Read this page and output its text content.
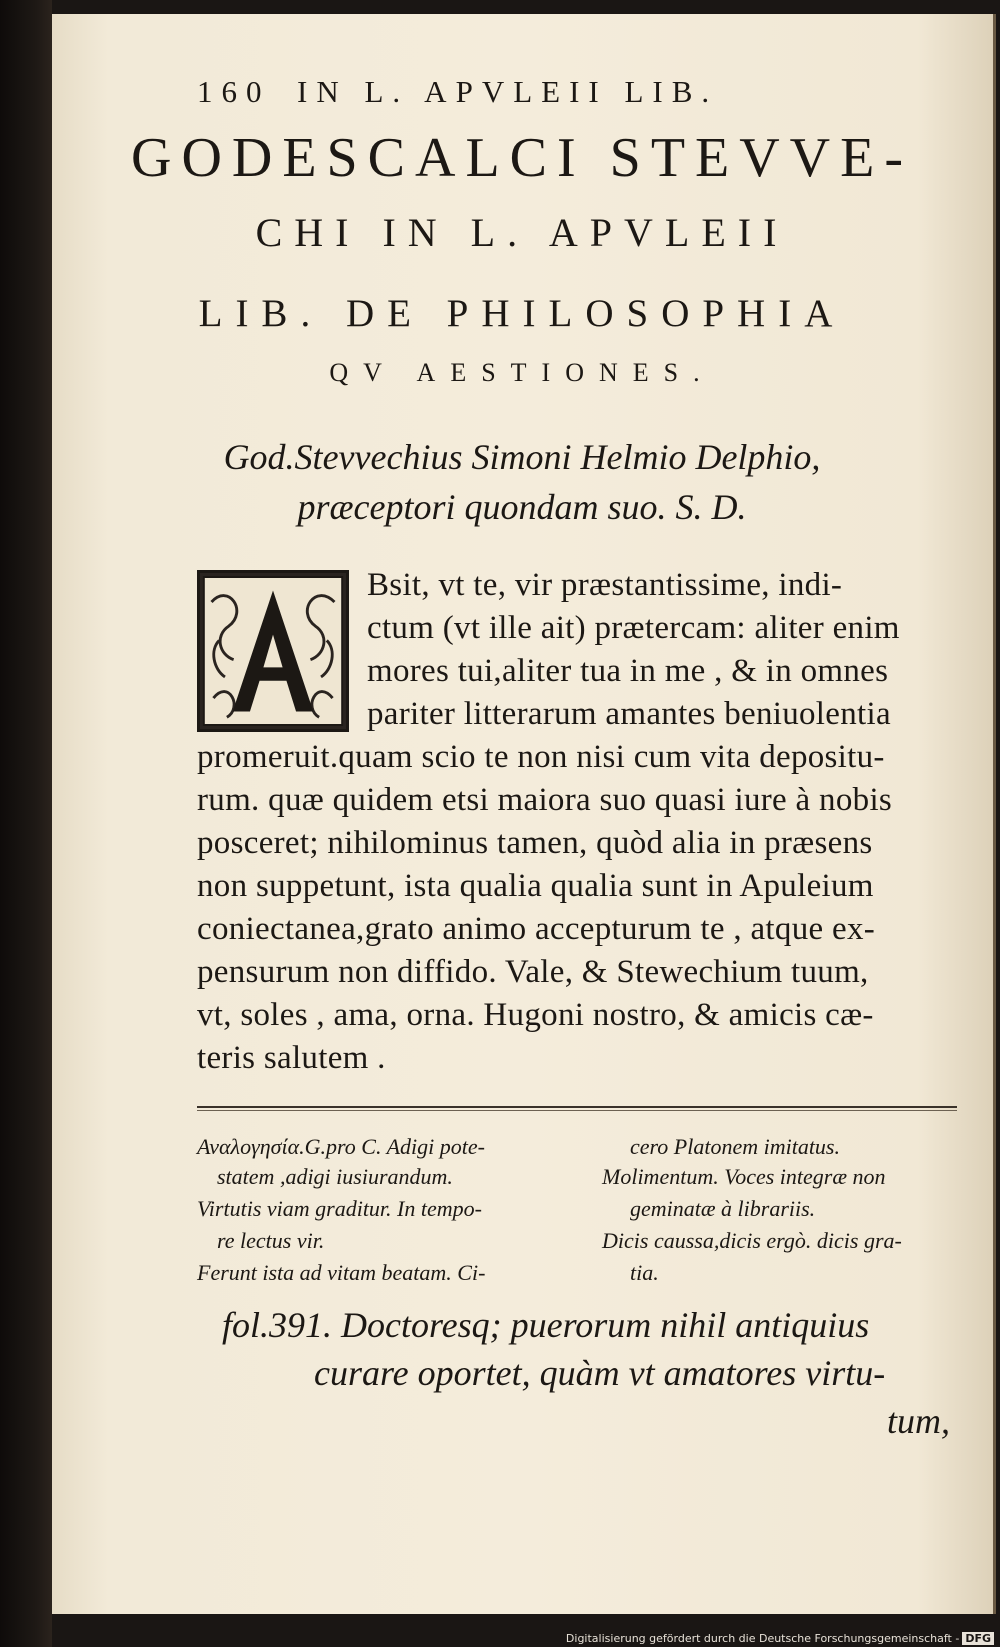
160 IN L. APVLEII LIB.

GODESCALCI STEVVE-

CHI IN L. APVLEII

LIB. DE PHILOSOPHIA

QV AESTIONES.

God.Stevvechius Simoni Helmio Delphio,

præceptori quondam suo. S. D.

Bsit, vt te, vir præstantissime, indi-

ctum (vt ille ait) prætercam: aliter enim

mores tui,aliter tua in me , & in omnes

pariter litterarum amantes beniuolentia

promeruit.quam scio te non nisi cum vita depositu-

rum. quæ quidem etsi maiora suo quasi iure à nobis

posceret; nihilominus tamen, quòd alia in præsens

non suppetunt, ista qualia qualia sunt in Apuleium

coniectanea,grato animo accepturum te , atque ex-

pensurum non diffido. Vale, & Stewechium tuum,

vt, soles , ama, orna. Hugoni nostro, & amicis cæ-

teris salutem .

Αναλογησία.G.pro C. Adigi pote-

statem ,adigi iusiurandum.

Virtutis viam graditur. In tempo-

re lectus vir.

Ferunt ista ad vitam beatam. Ci-

cero Platonem imitatus.

Molimentum. Voces integræ non

geminatæ à librariis.

Dicis caussa,dicis ergò. dicis gra-

tia.

fol.391. Doctoresq; puerorum nihil antiquius

curare oportet, quàm vt amatores virtu-

tum,

Digitalisierung gefördert durch die Deutsche Forschungsgemeinschaft - DFG
